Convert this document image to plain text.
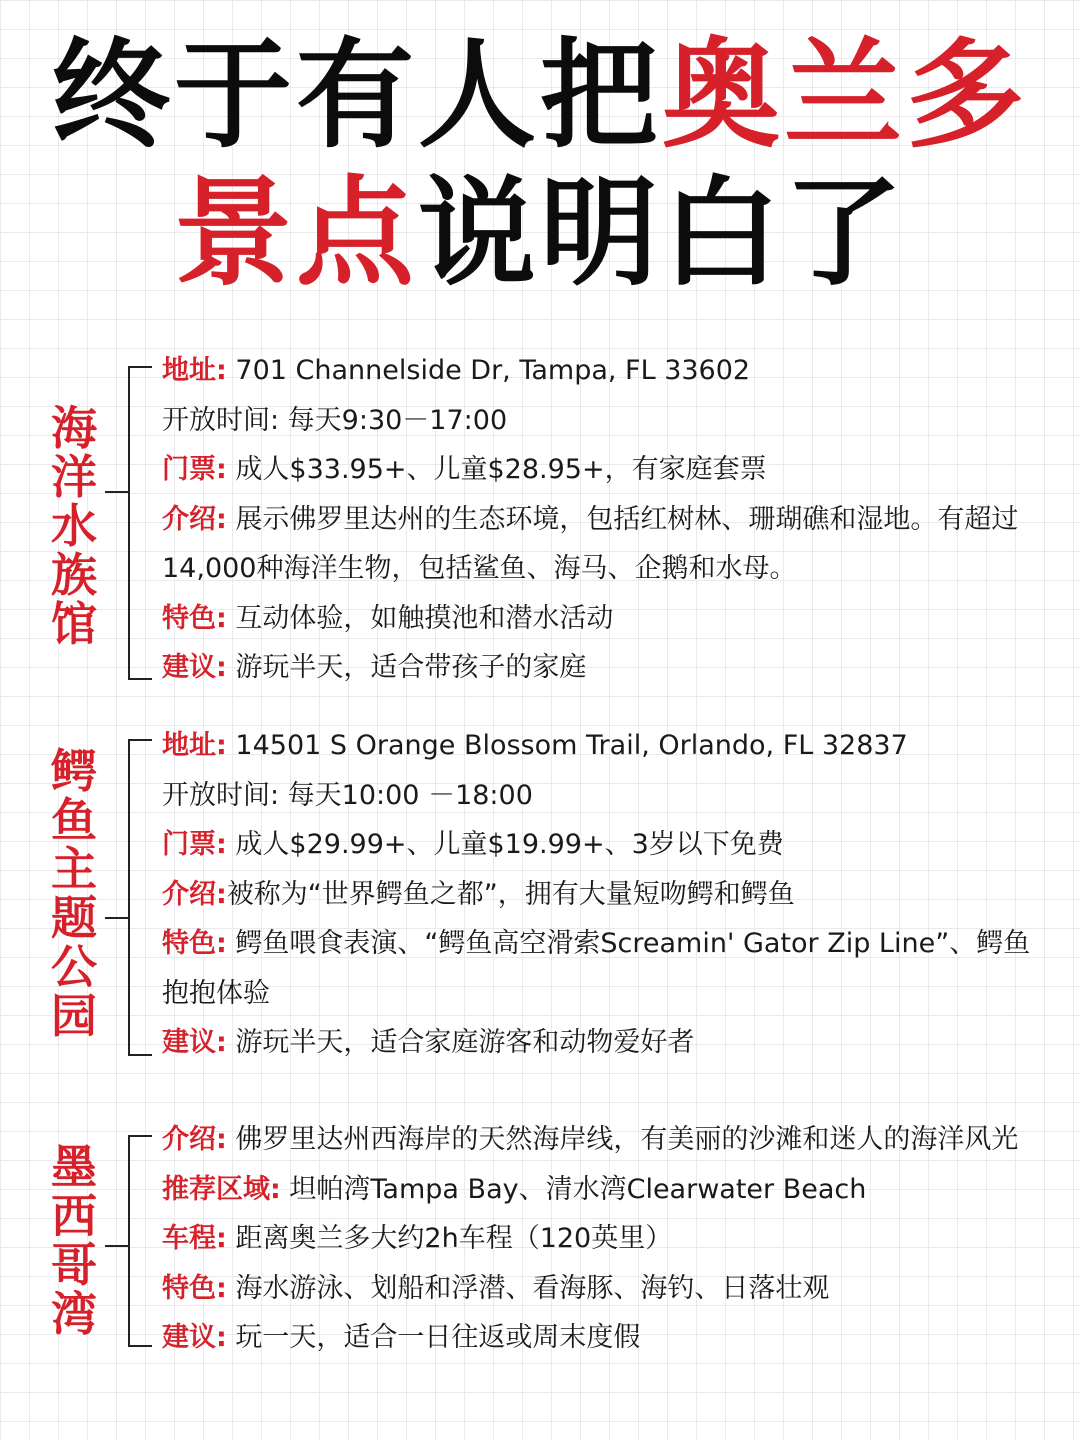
终于有人把奥兰多
景点说明白了
海
洋
水
族
馆

地址: 701 Channelside Dr, Tampa, FL 33602

开放时间: 每天9:30－17:00

门票: 成人$33.95+、儿童$28.95+，有家庭套票

介绍: 展示佛罗里达州的生态环境，包括红树林、珊瑚礁和湿地。有超过14,000种海洋生物，包括鲨鱼、海马、企鹅和水母。

特色: 互动体验，如触摸池和潜水活动

建议: 游玩半天，适合带孩子的家庭

鳄
鱼
主
题
公
园

地址: 14501 S Orange Blossom Trail, Orlando, FL 32837

开放时间: 每天10:00 －18:00

门票: 成人$29.99+、儿童$19.99+、3岁以下免费

介绍:被称为“世界鳄鱼之都”，拥有大量短吻鳄和鳄鱼

特色: 鳄鱼喂食表演、“鳄鱼高空滑索Screamin' Gator Zip Line”、鳄鱼抱抱体验

建议: 游玩半天，适合家庭游客和动物爱好者

墨
西
哥
湾

介绍: 佛罗里达州西海岸的天然海岸线，有美丽的沙滩和迷人的海洋风光

推荐区域: 坦帕湾Tampa Bay、清水湾Clearwater Beach

车程: 距离奥兰多大约2h车程（120英里）

特色: 海水游泳、划船和浮潜、看海豚、海钓、日落壮观

建议: 玩一天，适合一日往返或周末度假
